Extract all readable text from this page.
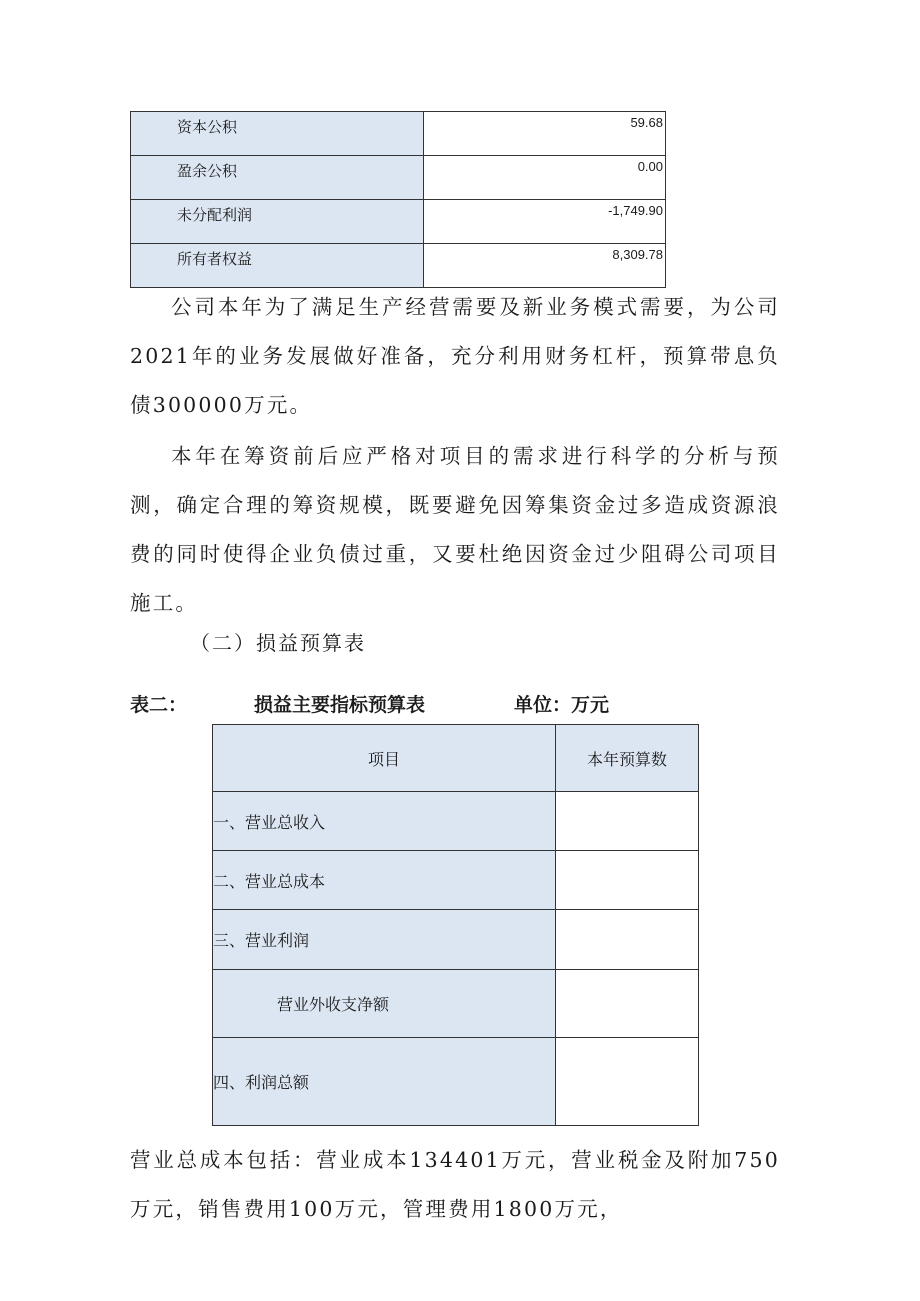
资本公积	59.68
盈余公积	0.00
未分配利润	-1,749.90
所有者权益	8,309.78

公司本年为了满足生产经营需要及新业务模式需要，为公司2021年的业务发展做好准备，充分利用财务杠杆，预算带息负债300000万元。

本年在筹资前后应严格对项目的需求进行科学的分析与预测，确定合理的筹资规模，既要避免因筹集资金过多造成资源浪费的同时使得企业负债过重，又要杜绝因资金过少阻碍公司项目施工。

（二）损益预算表
表二：	损益主要指标预算表	单位：万元
项目	本年预算数
一、营业总收入	
二、营业总成本	
三、营业利润	
营业外收支净额	
四、利润总额	

营业总成本包括：营业成本134401万元，营业税金及附加750万元，销售费用100万元，管理费用1800万元，
